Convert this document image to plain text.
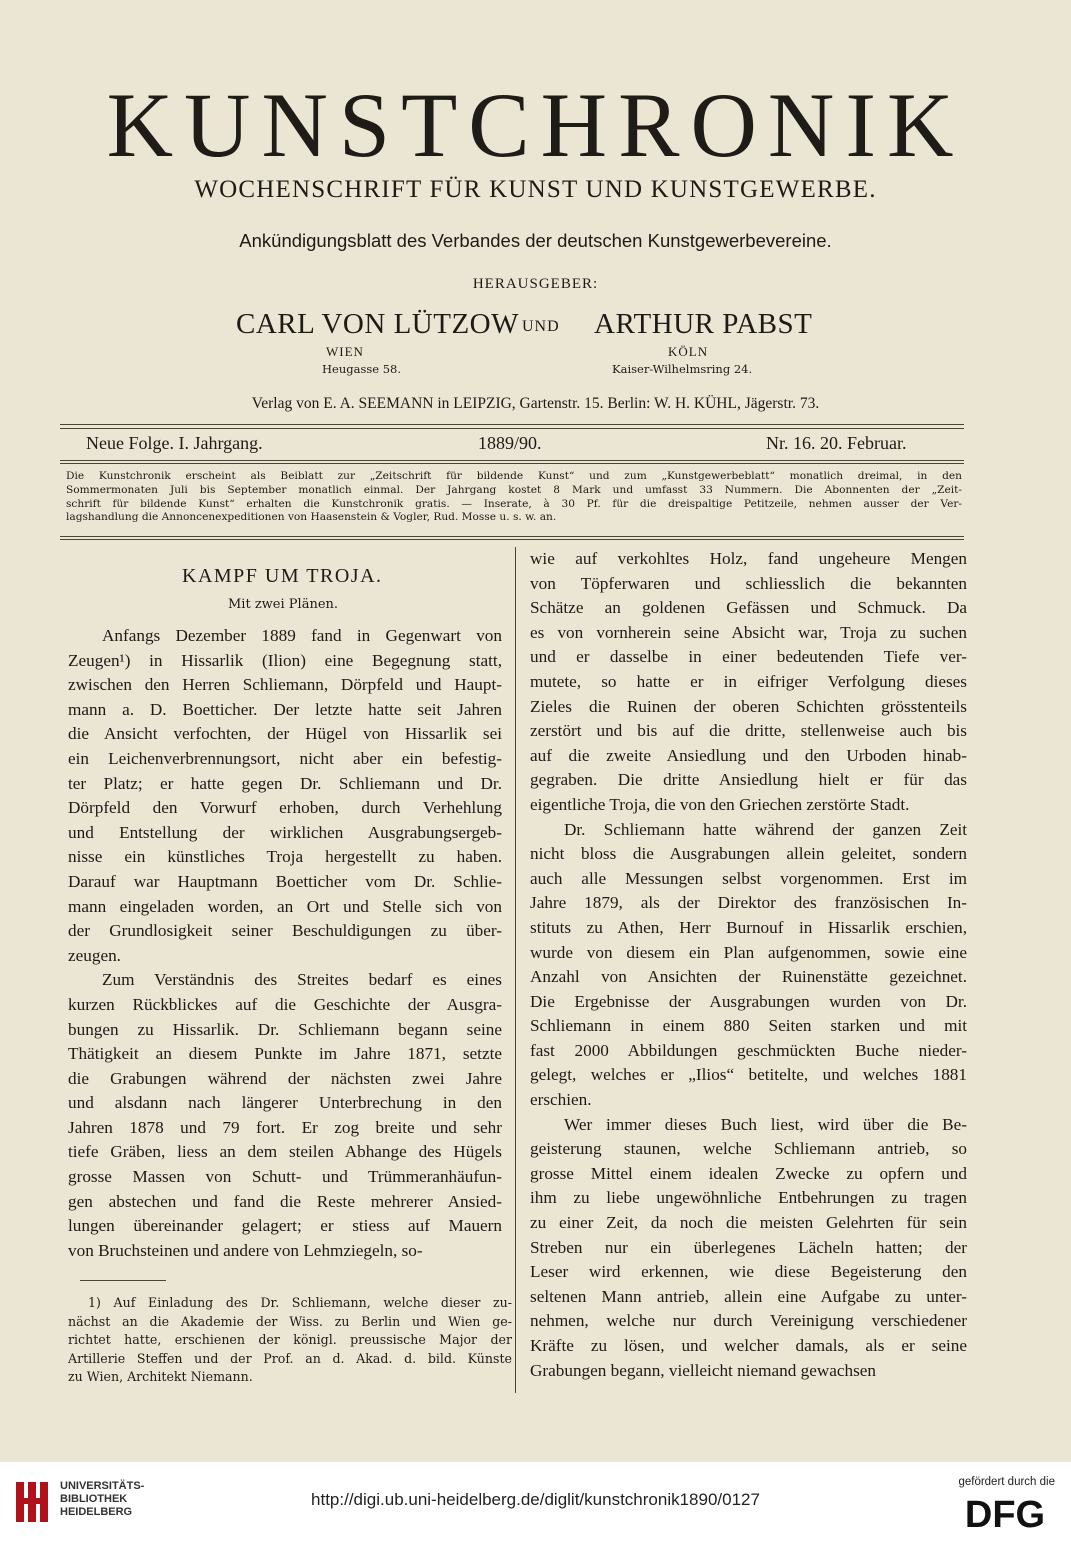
KUNSTCHRONIK
WOCHENSCHRIFT FÜR KUNST UND KUNSTGEWERBE.
Ankündigungsblatt des Verbandes der deutschen Kunstgewerbevereine.
HERAUSGEBER:
CARL VON LÜTZOW UND ARTHUR PABST
WIEN	KÖLN
Heugasse 58.	Kaiser-Wilhelmsring 24.
Verlag von E. A. SEEMANN in LEIPZIG, Gartenstr. 15. Berlin: W. H. KÜHL, Jägerstr. 73.
Neue Folge. I. Jahrgang.	1889/90.	Nr. 16. 20. Februar.
Die Kunstchronik erscheint als Beiblatt zur „Zeitschrift für bildende Kunst“ und zum „Kunstgewerbeblatt“ monatlich dreimal, in den
Sommermonaten Juli bis September monatlich einmal. Der Jahrgang kostet 8 Mark und umfasst 33 Nummern. Die Abonnenten der „Zeit-
schrift für bildende Kunst“ erhalten die Kunstchronik gratis. — Inserate, à 30 Pf. für die dreispaltige Petitzeile, nehmen ausser der Ver-
lagshandlung die Annoncenexpeditionen von Haasenstein & Vogler, Rud. Mosse u. s. w. an.
KAMPF UM TROJA.
Mit zwei Plänen.
Anfangs Dezember 1889 fand in Gegenwart von
Zeugen¹) in Hissarlik (Ilion) eine Begegnung statt,
zwischen den Herren Schliemann, Dörpfeld und Haupt-
mann a. D. Boetticher. Der letzte hatte seit Jahren
die Ansicht verfochten, der Hügel von Hissarlik sei
ein Leichenverbrennungsort, nicht aber ein befestig-
ter Platz; er hatte gegen Dr. Schliemann und Dr.
Dörpfeld den Vorwurf erhoben, durch Verhehlung
und Entstellung der wirklichen Ausgrabungsergeb-
nisse ein künstliches Troja hergestellt zu haben.
Darauf war Hauptmann Boetticher vom Dr. Schlie-
mann eingeladen worden, an Ort und Stelle sich von
der Grundlosigkeit seiner Beschuldigungen zu über-
zeugen.
Zum Verständnis des Streites bedarf es eines
kurzen Rückblickes auf die Geschichte der Ausgra-
bungen zu Hissarlik. Dr. Schliemann begann seine
Thätigkeit an diesem Punkte im Jahre 1871, setzte
die Grabungen während der nächsten zwei Jahre
und alsdann nach längerer Unterbrechung in den
Jahren 1878 und 79 fort. Er zog breite und sehr
tiefe Gräben, liess an dem steilen Abhange des Hügels
grosse Massen von Schutt- und Trümmeranhäufun-
gen abstechen und fand die Reste mehrerer Ansied-
lungen übereinander gelagert; er stiess auf Mauern
von Bruchsteinen und andere von Lehmziegeln, so-
1) Auf Einladung des Dr. Schliemann, welche dieser zu-
nächst an die Akademie der Wiss. zu Berlin und Wien ge-
richtet hatte, erschienen der königl. preussische Major der
Artillerie Steffen und der Prof. an d. Akad. d. bild. Künste
zu Wien, Architekt Niemann.
wie auf verkohltes Holz, fand ungeheure Mengen
von Töpferwaren und schliesslich die bekannten
Schätze an goldenen Gefässen und Schmuck. Da
es von vornherein seine Absicht war, Troja zu suchen
und er dasselbe in einer bedeutenden Tiefe ver-
mutete, so hatte er in eifriger Verfolgung dieses
Zieles die Ruinen der oberen Schichten grösstenteils
zerstört und bis auf die dritte, stellenweise auch bis
auf die zweite Ansiedlung und den Urboden hinab-
gegraben. Die dritte Ansiedlung hielt er für das
eigentliche Troja, die von den Griechen zerstörte Stadt.
Dr. Schliemann hatte während der ganzen Zeit
nicht bloss die Ausgrabungen allein geleitet, sondern
auch alle Messungen selbst vorgenommen. Erst im
Jahre 1879, als der Direktor des französischen In-
stituts zu Athen, Herr Burnouf in Hissarlik erschien,
wurde von diesem ein Plan aufgenommen, sowie eine
Anzahl von Ansichten der Ruinenstätte gezeichnet.
Die Ergebnisse der Ausgrabungen wurden von Dr.
Schliemann in einem 880 Seiten starken und mit
fast 2000 Abbildungen geschmückten Buche nieder-
gelegt, welches er „Ilios“ betitelte, und welches 1881
erschien.
Wer immer dieses Buch liest, wird über die Be-
geisterung staunen, welche Schliemann antrieb, so
grosse Mittel einem idealen Zwecke zu opfern und
ihm zu liebe ungewöhnliche Entbehrungen zu tragen
zu einer Zeit, da noch die meisten Gelehrten für sein
Streben nur ein überlegenes Lächeln hatten; der
Leser wird erkennen, wie diese Begeisterung den
seltenen Mann antrieb, allein eine Aufgabe zu unter-
nehmen, welche nur durch Vereinigung verschiedener
Kräfte zu lösen, und welcher damals, als er seine
Grabungen begann, vielleicht niemand gewachsen
UNIVERSITÄTS-
BIBLIOTHEK
HEIDELBERG
http://digi.ub.uni-heidelberg.de/diglit/kunstchronik1890/0127
gefördert durch die
DFG
